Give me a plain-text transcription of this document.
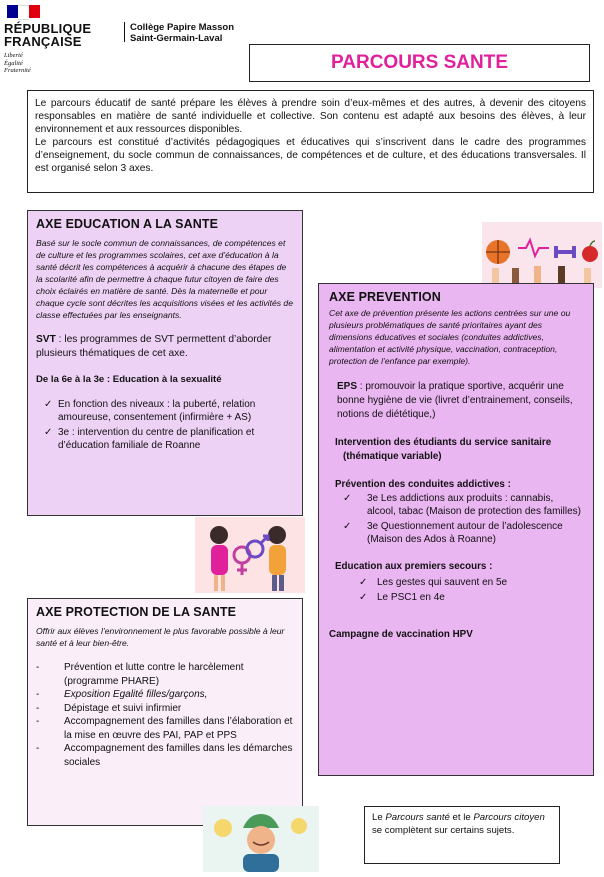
RÉPUBLIQUE
FRANÇAISE
Liberté
Égalité
Fraternité
Collège Papire Masson
Saint-Germain-Laval
PARCOURS SANTE

Le parcours éducatif de santé prépare les élèves à prendre soin d’eux-mêmes et des autres, à devenir des citoyens responsables en matière de santé individuelle et collective. Son contenu est adapté aux besoins des élèves, à leur environnement et aux ressources disponibles.

Le parcours est constitué d’activités pédagogiques et éducatives qui s’inscrivent dans le cadre des programmes d’enseignement, du socle commun de connaissances, de compétences et de culture, et des éducations transversales. Il est organisé selon 3 axes.

AXE EDUCATION A LA SANTE

Basé sur le socle commun de connaissances, de compétences et de culture et les programmes scolaires, cet axe d’éducation à la santé décrit les compétences à acquérir à chacune des étapes de la scolarité afin de permettre à chaque futur citoyen de faire des choix éclairés en matière de santé. Dès la maternelle et pour chaque cycle sont décrites les acquisitions visées et les activités de classe effectuées par les enseignants.

SVT : les programmes de SVT permettent d’aborder plusieurs thématiques de cet axe.

De la 6e à la 3e : Education à la sexualité

✓ En fonction des niveaux : la puberté, relation amoureuse, consentement (infirmière + AS)
✓ 3e : intervention du centre de planification et d’éducation familiale de Roanne

AXE PREVENTION

Cet axe de prévention présente les actions centrées sur une ou plusieurs problématiques de santé prioritaires ayant des dimensions éducatives et sociales (conduites addictives, alimentation et activité physique, vaccination, contraception, protection de l’enfance par exemple).

EPS : promouvoir la pratique sportive, acquérir une bonne hygiène de vie (livret d’entrainement, conseils, notions de diététique,)

Intervention des étudiants du service sanitaire

(thématique variable)

Prévention des conduites addictives :

✓	3e Les addictions aux produits : cannabis, alcool, tabac (Maison de protection des familles)
✓	3e Questionnement autour de l’adolescence (Maison des Ados à Roanne)

Education aux premiers secours :

✓ Les gestes qui sauvent en 5e
✓ Le PSC1 en 4e

Campagne de vaccination HPV

AXE PROTECTION DE LA SANTE

Offrir aux élèves l’environnement le plus favorable possible à leur santé et à leur bien-être.

-	Prévention et lutte contre le harcèlement (programme PHARE)
-	Exposition Egalité filles/garçons,
-	Dépistage et suivi infirmier
-	Accompagnement des familles dans l’élaboration et la mise en œuvre des PAI, PAP et PPS
-	Accompagnement des familles dans les démarches sociales
Le Parcours santé et le Parcours citoyen se complètent sur certains sujets.
